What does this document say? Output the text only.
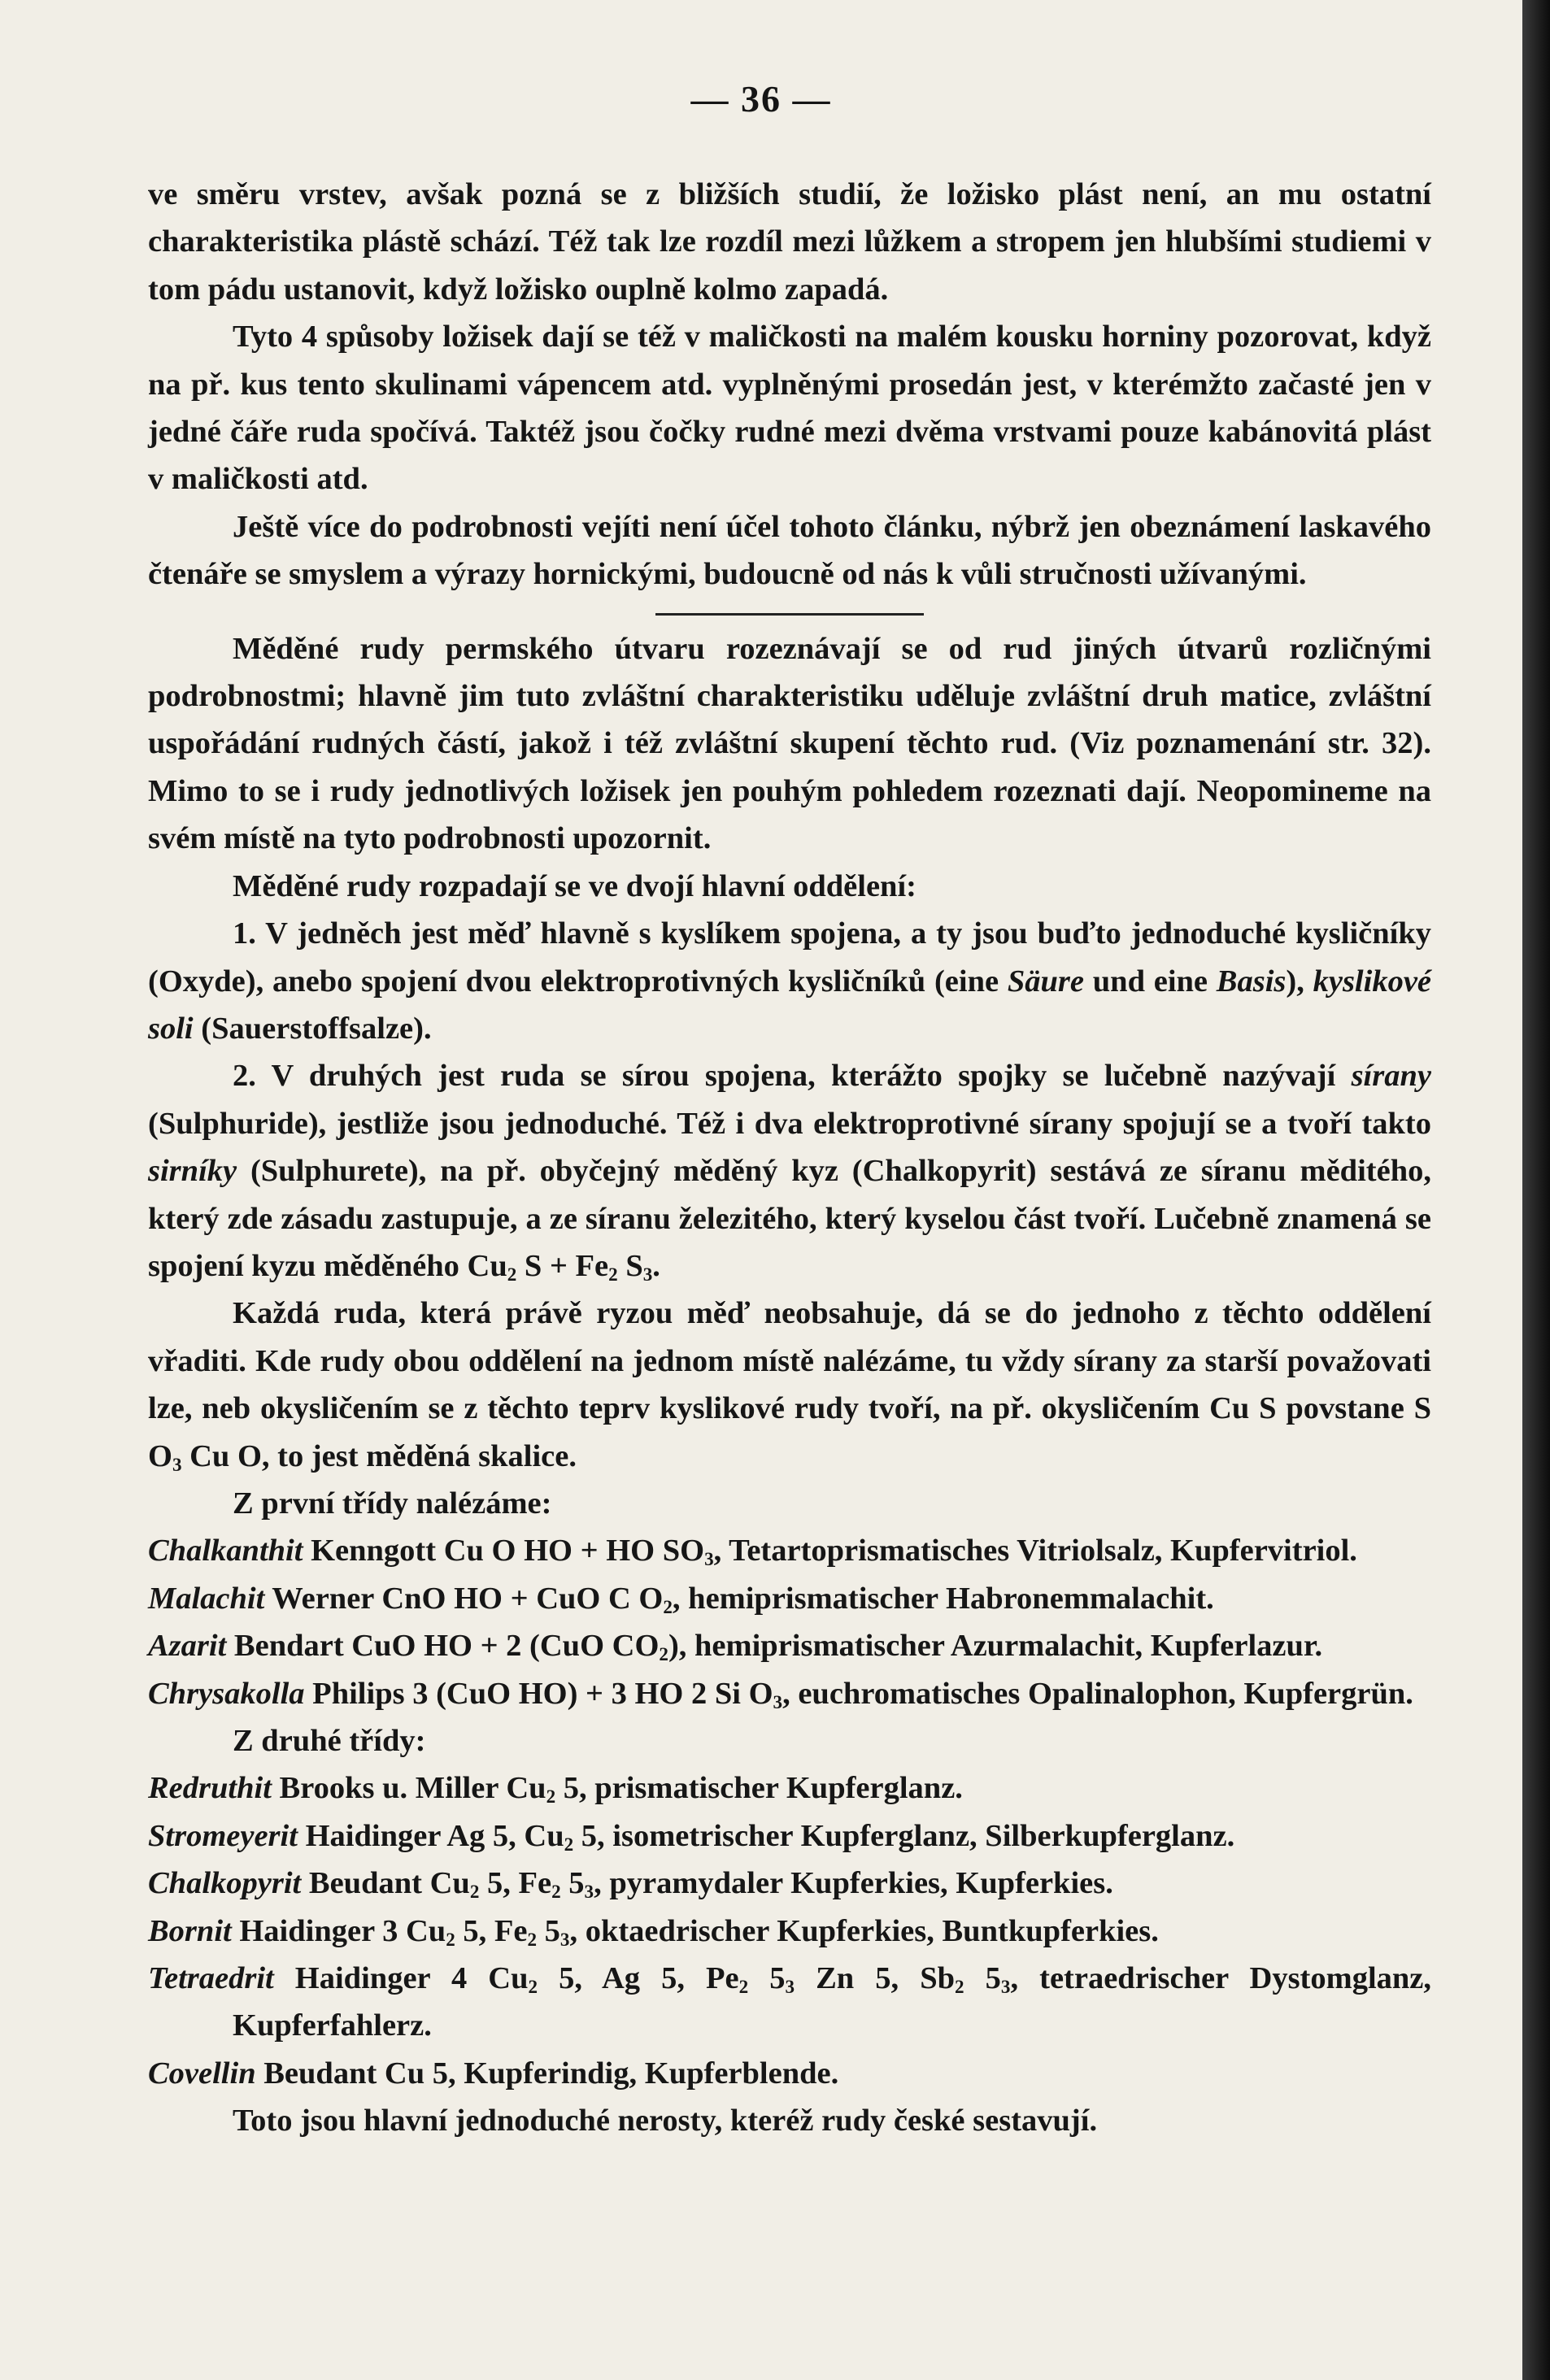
— 36 —

ve směru vrstev, avšak pozná se z bližších studií, že ložisko plást není, an mu ostatní charakteristika plástě schází. Též tak lze rozdíl mezi lůžkem a stropem jen hlubšími studiemi v tom pádu ustanovit, když ložisko ouplně kolmo zapadá.

Tyto 4 spůsoby ložisek dají se též v maličkosti na malém kousku horniny pozorovat, když na př. kus tento skulinami vápencem atd. vyplněnými prosedán jest, v kterémžto začasté jen v jedné čáře ruda spočívá. Taktéž jsou čočky rudné mezi dvěma vrstvami pouze kabánovitá plást v maličkosti atd.

Ještě více do podrobnosti vejíti není účel tohoto článku, nýbrž jen obeznámení laskavého čtenáře se smyslem a výrazy hornickými, budoucně od nás k vůli stručnosti užívanými.

Měděné rudy permského útvaru rozeznávají se od rud jiných útvarů rozličnými podrobnostmi; hlavně jim tuto zvláštní charakteristiku uděluje zvláštní druh matice, zvláštní uspořádání rudných částí, jakož i též zvláštní skupení těchto rud. (Viz poznamenání str. 32). Mimo to se i rudy jednotlivých ložisek jen pouhým pohledem rozeznati dají. Neopomineme na svém místě na tyto podrobnosti upozornit.

Měděné rudy rozpadají se ve dvojí hlavní oddělení:

1. V jedněch jest měď hlavně s kyslíkem spojena, a ty jsou buďto jednoduché kysličníky (Oxyde), anebo spojení dvou elektroprotivných kysličníků (eine Säure und eine Basis), kyslikové soli (Sauerstoffsalze).

2. V druhých jest ruda se sírou spojena, kterážto spojky se lučebně nazývají sírany (Sulphuride), jestliže jsou jednoduché. Též i dva elektroprotivné sírany spojují se a tvoří takto sirníky (Sulphurete), na př. obyčejný měděný kyz (Chalkopyrit) sestává ze síranu měditého, který zde zásadu zastupuje, a ze síranu železitého, který kyselou část tvoří. Lučebně znamená se spojení kyzu měděného $Cu_2$ $S + Fe_2$ $S_3$.

Každá ruda, která právě ryzou měď neobsahuje, dá se do jednoho z těchto oddělení vřaditi. Kde rudy obou oddělení na jednom místě nalézáme, tu vždy sírany za starší považovati lze, neb okysličením se z těchto teprv kyslikové rudy tvoří, na př. okysličením Cu S povstane S $O_3$ Cu O, to jest měděná skalice.

Z první třídy nalézáme:

Chalkanthit Kenngott Cu O HO + HO $SO_3$, Tetartoprismatisches Vitriolsalz, Kupfervitriol.

Malachit Werner CnO HO + CuO C $O_2$, hemiprismatischer Habronemmalachit.

Azarit Bendart CuO HO + 2 (CuO $CO_2$), hemiprismatischer Azurmalachit, Kupferlazur.

Chrysakolla Philips 3 (CuO HO) + 3 HO 2 Si $O_3$, euchromatisches Opalinalophon, Kupfergrün.

Z druhé třídy:

Redruthit Brooks u. Miller $Cu_2$ 5, prismatischer Kupferglanz.

Stromeyerit Haidinger Ag 5, $Cu_2$ 5, isometrischer Kupferglanz, Silberkupferglanz.

Chalkopyrit Beudant $Cu_2$ 5, $Fe_2$ $5_3$, pyramydaler Kupferkies, Kupferkies.

Bornit Haidinger 3 $Cu_2$ 5, $Fe_2$ $5_3$, oktaedrischer Kupferkies, Buntkupferkies.

Tetraedrit Haidinger 4 $Cu_2$ 5, Ag 5, $Pe_2$ $5_3$ Zn 5, $Sb_2$ $5_3$, tetraedrischer Dystomglanz, Kupferfahlerz.

Covellin Beudant Cu 5, Kupferindig, Kupferblende.

Toto jsou hlavní jednoduché nerosty, kteréž rudy české sestavují.
